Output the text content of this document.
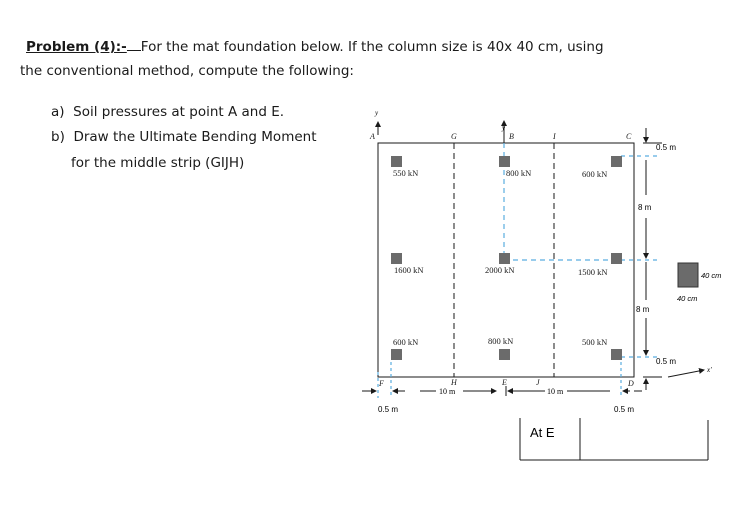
Problem (4):- For the mat foundation below. If the column size is 40x 40 cm, using
the conventional method, compute the following:
a) Soil pressures at point A and E.
b) Draw the Ultimate Bending Moment
for the middle strip (GIJH)
550 kN	800 kN	600 kN
1600 kN	2000 kN	1500 kN
600 kN	800 kN	500 kN
A	G	B	I	C
F	H	E	J	D
y
y
x′
0.5 m
8 m
8 m
0.5 m
0.5 m
10 m	10 m
0.5 m
40 cm
40 cm
At E
